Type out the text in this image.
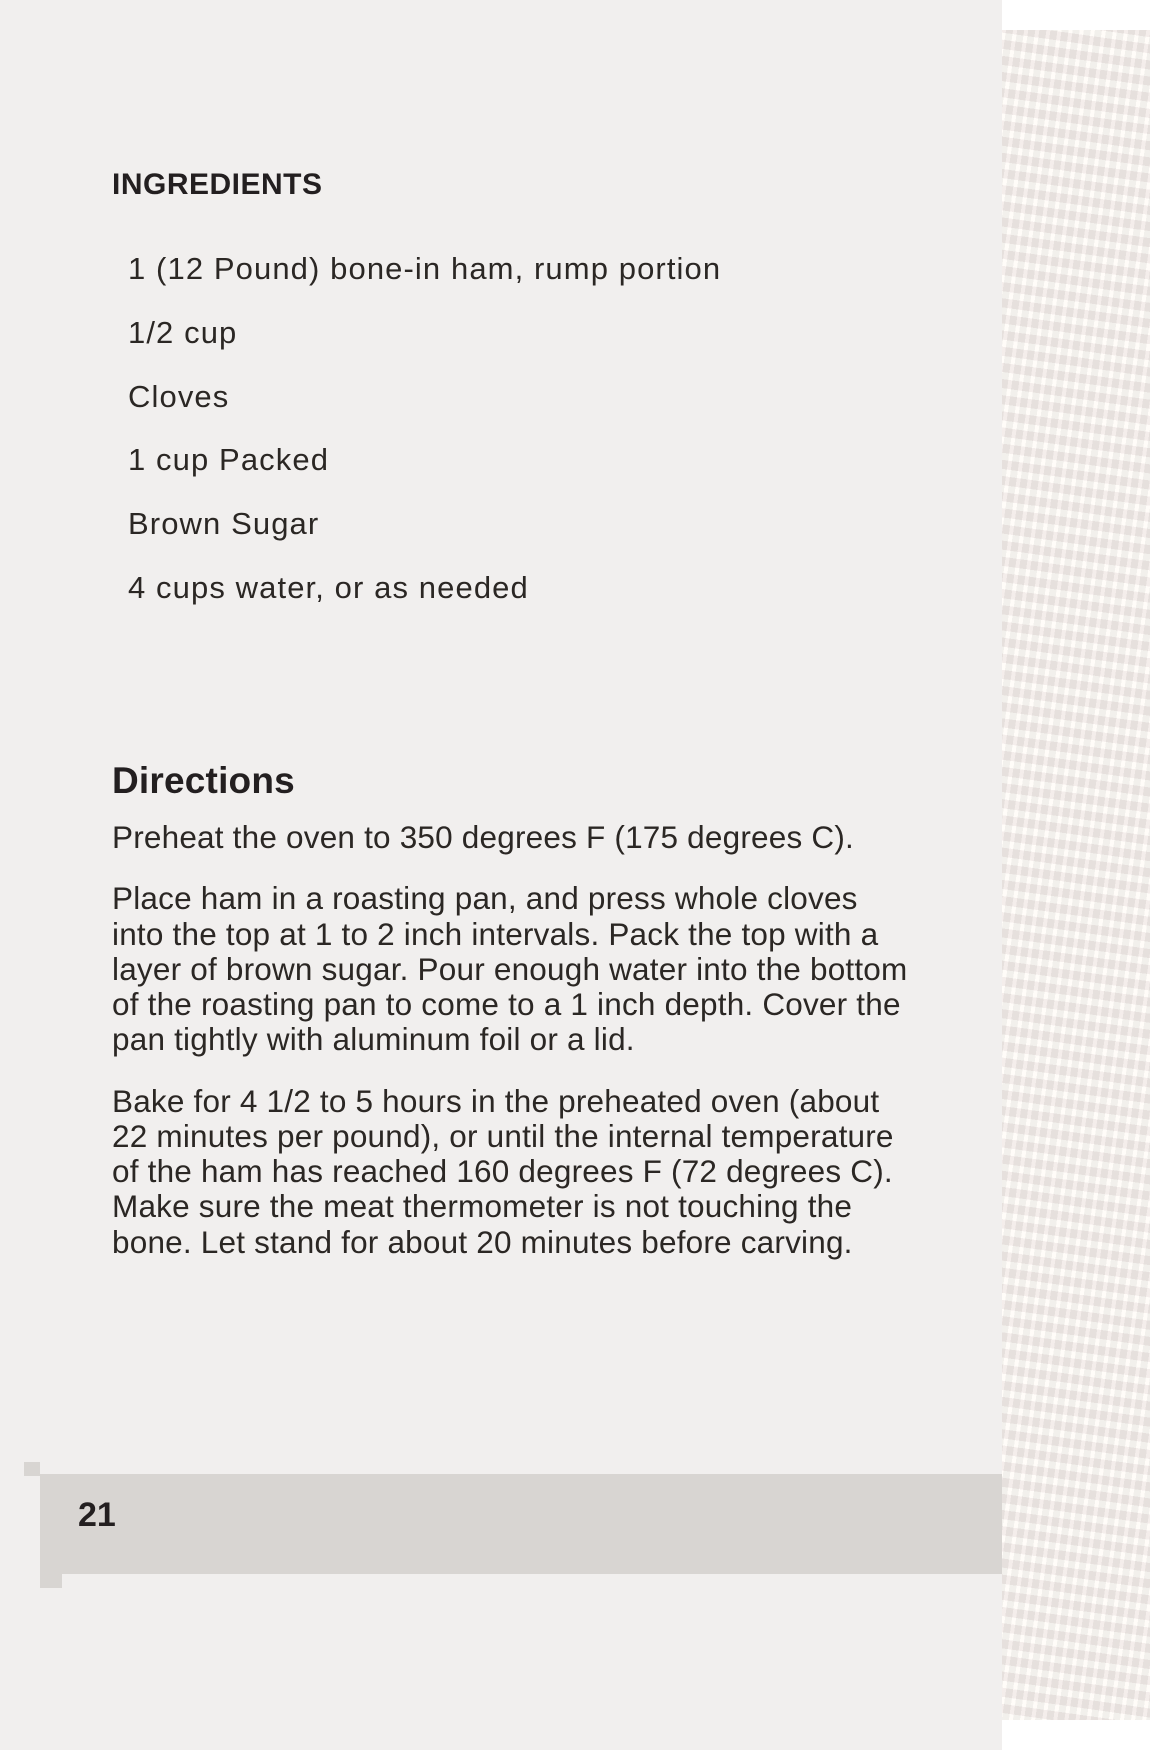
INGREDIENTS
1 (12 Pound) bone-in ham, rump portion
1/2 cup
Cloves
1 cup Packed
Brown Sugar
4 cups water, or as needed
Directions
Preheat the oven to 350 degrees F (175 degrees C).
Place ham in a roasting pan, and press whole cloves into the top at 1 to 2 inch intervals. Pack the top with a layer of brown sugar. Pour enough water into the bottom of the roasting pan to come to a 1 inch depth. Cover the pan tightly with aluminum foil or a lid.
Bake for 4 1/2 to 5 hours in the preheated oven (about 22 minutes per pound), or until the internal temperature of the ham has reached 160 degrees F (72 degrees C). Make sure the meat thermometer is not touching the bone. Let stand for about 20 minutes before carving.
21
